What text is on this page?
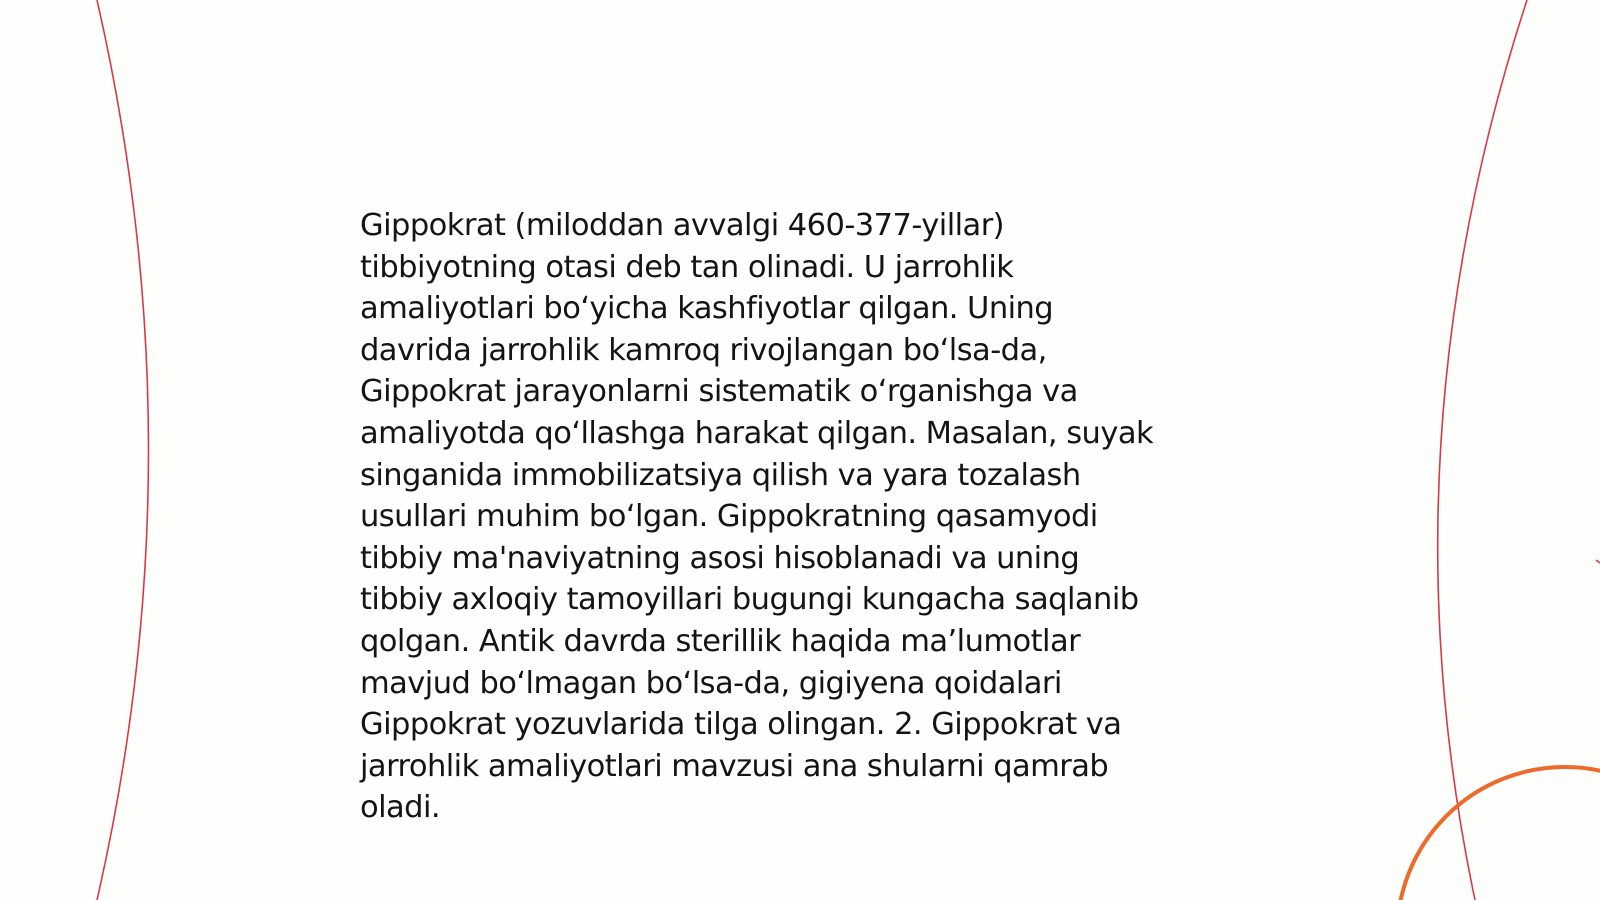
Gippokrat (miloddan avvalgi 460-377-yillar)
tibbiyotning otasi deb tan olinadi. U jarrohlik
amaliyotlari bo‘yicha kashfiyotlar qilgan. Uning
davrida jarrohlik kamroq rivojlangan bo‘lsa-da,
Gippokrat jarayonlarni sistematik o‘rganishga va
amaliyotda qo‘llashga harakat qilgan. Masalan, suyak
singanida immobilizatsiya qilish va yara tozalash
usullari muhim bo‘lgan. Gippokratning qasamyodi
tibbiy ma'naviyatning asosi hisoblanadi va uning
tibbiy axloqiy tamoyillari bugungi kungacha saqlanib
qolgan. Antik davrda sterillik haqida ma’lumotlar
mavjud bo‘lmagan bo‘lsa-da, gigiyena qoidalari
Gippokrat yozuvlarida tilga olingan. 2. Gippokrat va
jarrohlik amaliyotlari mavzusi ana shularni qamrab
oladi.
